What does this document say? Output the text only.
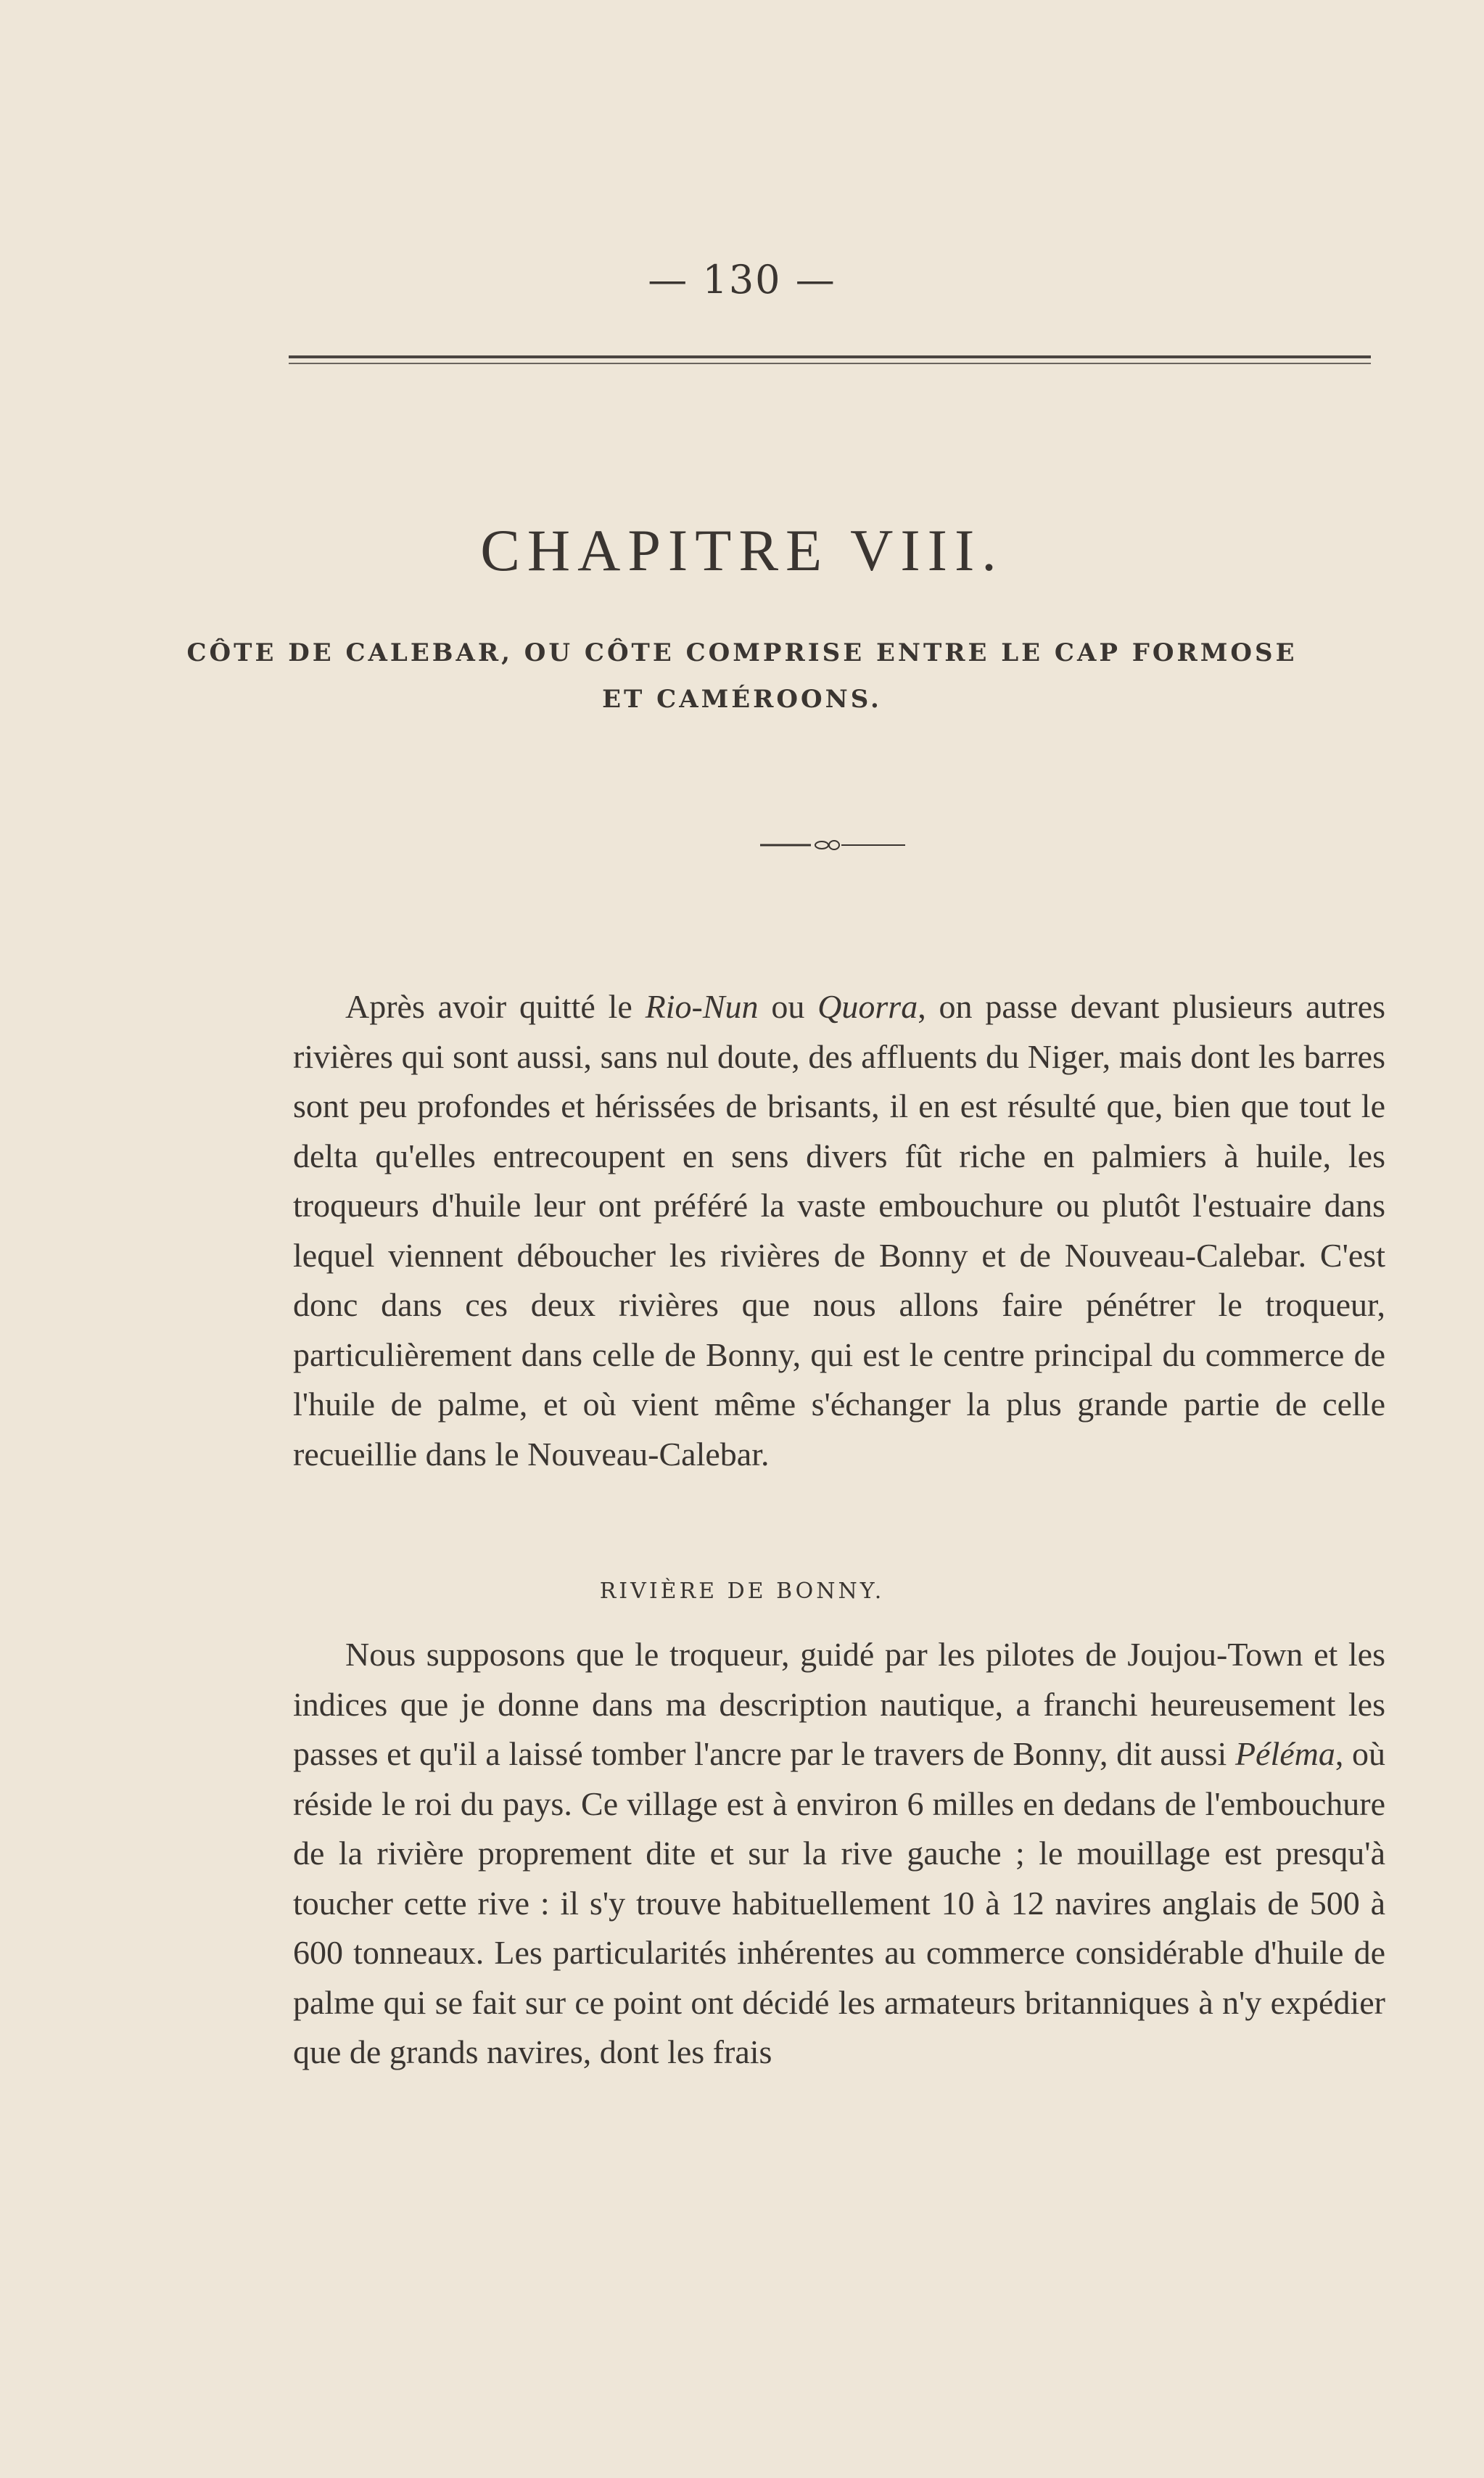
— 130 —
CHAPITRE VIII.
CÔTE DE CALEBAR, OU CÔTE COMPRISE ENTRE LE CAP FORMOSE
ET CAMÉROONS.

Après avoir quitté le Rio-Nun ou Quorra, on passe devant plusieurs autres rivières qui sont aussi, sans nul doute, des affluents du Niger, mais dont les barres sont peu profondes et hérissées de brisants, il en est résulté que, bien que tout le delta qu'elles entrecoupent en sens divers fût riche en palmiers à huile, les troqueurs d'huile leur ont préféré la vaste embouchure ou plutôt l'estuaire dans lequel viennent déboucher les rivières de Bonny et de Nouveau-Calebar. C'est donc dans ces deux rivières que nous allons faire pénétrer le troqueur, particulièrement dans celle de Bonny, qui est le centre principal du commerce de l'huile de palme, et où vient même s'échanger la plus grande partie de celle recueillie dans le Nouveau-Calebar.

RIVIÈRE DE BONNY.

Nous supposons que le troqueur, guidé par les pilotes de Joujou-Town et les indices que je donne dans ma description nautique, a franchi heureusement les passes et qu'il a laissé tomber l'ancre par le travers de Bonny, dit aussi Péléma, où réside le roi du pays. Ce village est à environ 6 milles en dedans de l'embouchure de la rivière proprement dite et sur la rive gauche ; le mouillage est presqu'à toucher cette rive : il s'y trouve habituellement 10 à 12 navires anglais de 500 à 600 tonneaux. Les particularités inhérentes au commerce considérable d'huile de palme qui se fait sur ce point ont décidé les armateurs britanniques à n'y expédier que de grands navires, dont les frais
